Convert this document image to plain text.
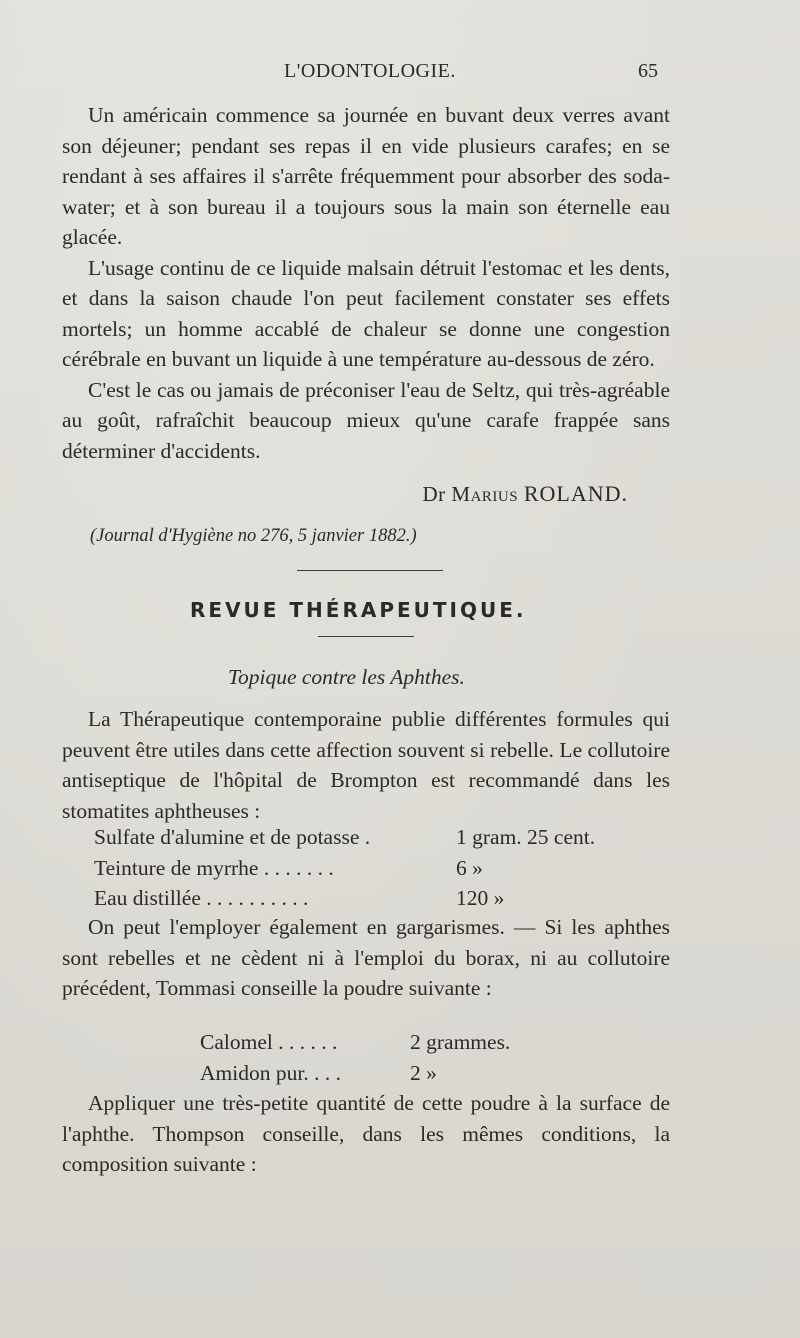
L'ODONTOLOGIE.	65

Un américain commence sa journée en buvant deux verres avant son déjeuner; pendant ses repas il en vide plusieurs carafes; en se rendant à ses affaires il s'arrête fréquemment pour absorber des soda-water; et à son bureau il a toujours sous la main son éternelle eau glacée.

L'usage continu de ce liquide malsain détruit l'estomac et les dents, et dans la saison chaude l'on peut facilement constater ses effets mortels; un homme accablé de chaleur se donne une congestion cérébrale en buvant un liquide à une température au-dessous de zéro.

C'est le cas ou jamais de préconiser l'eau de Seltz, qui très-agréable au goût, rafraîchit beaucoup mieux qu'une carafe frappée sans déterminer d'accidents.

Dr Marius ROLAND.
(Journal d'Hygiène no 276, 5 janvier 1882.)
REVUE THÉRAPEUTIQUE.
Topique contre les Aphthes.

La Thérapeutique contemporaine publie différentes formules qui peuvent être utiles dans cette affection souvent si rebelle. Le collutoire antiseptique de l'hôpital de Brompton est recommandé dans les stomatites aphtheuses :

Sulfate d'alumine et de potasse .	1 gram. 25 cent.
Teinture de myrrhe . . . . . . .	6 »
Eau distillée . . . . . . . . . .	120 »

On peut l'employer également en gargarismes. — Si les aphthes sont rebelles et ne cèdent ni à l'emploi du borax, ni au collutoire précédent, Tommasi conseille la poudre suivante :

Calomel . . . . . .	2 grammes.
Amidon pur. . . .	2 »

Appliquer une très-petite quantité de cette poudre à la surface de l'aphthe. Thompson conseille, dans les mêmes conditions, la composition suivante :
